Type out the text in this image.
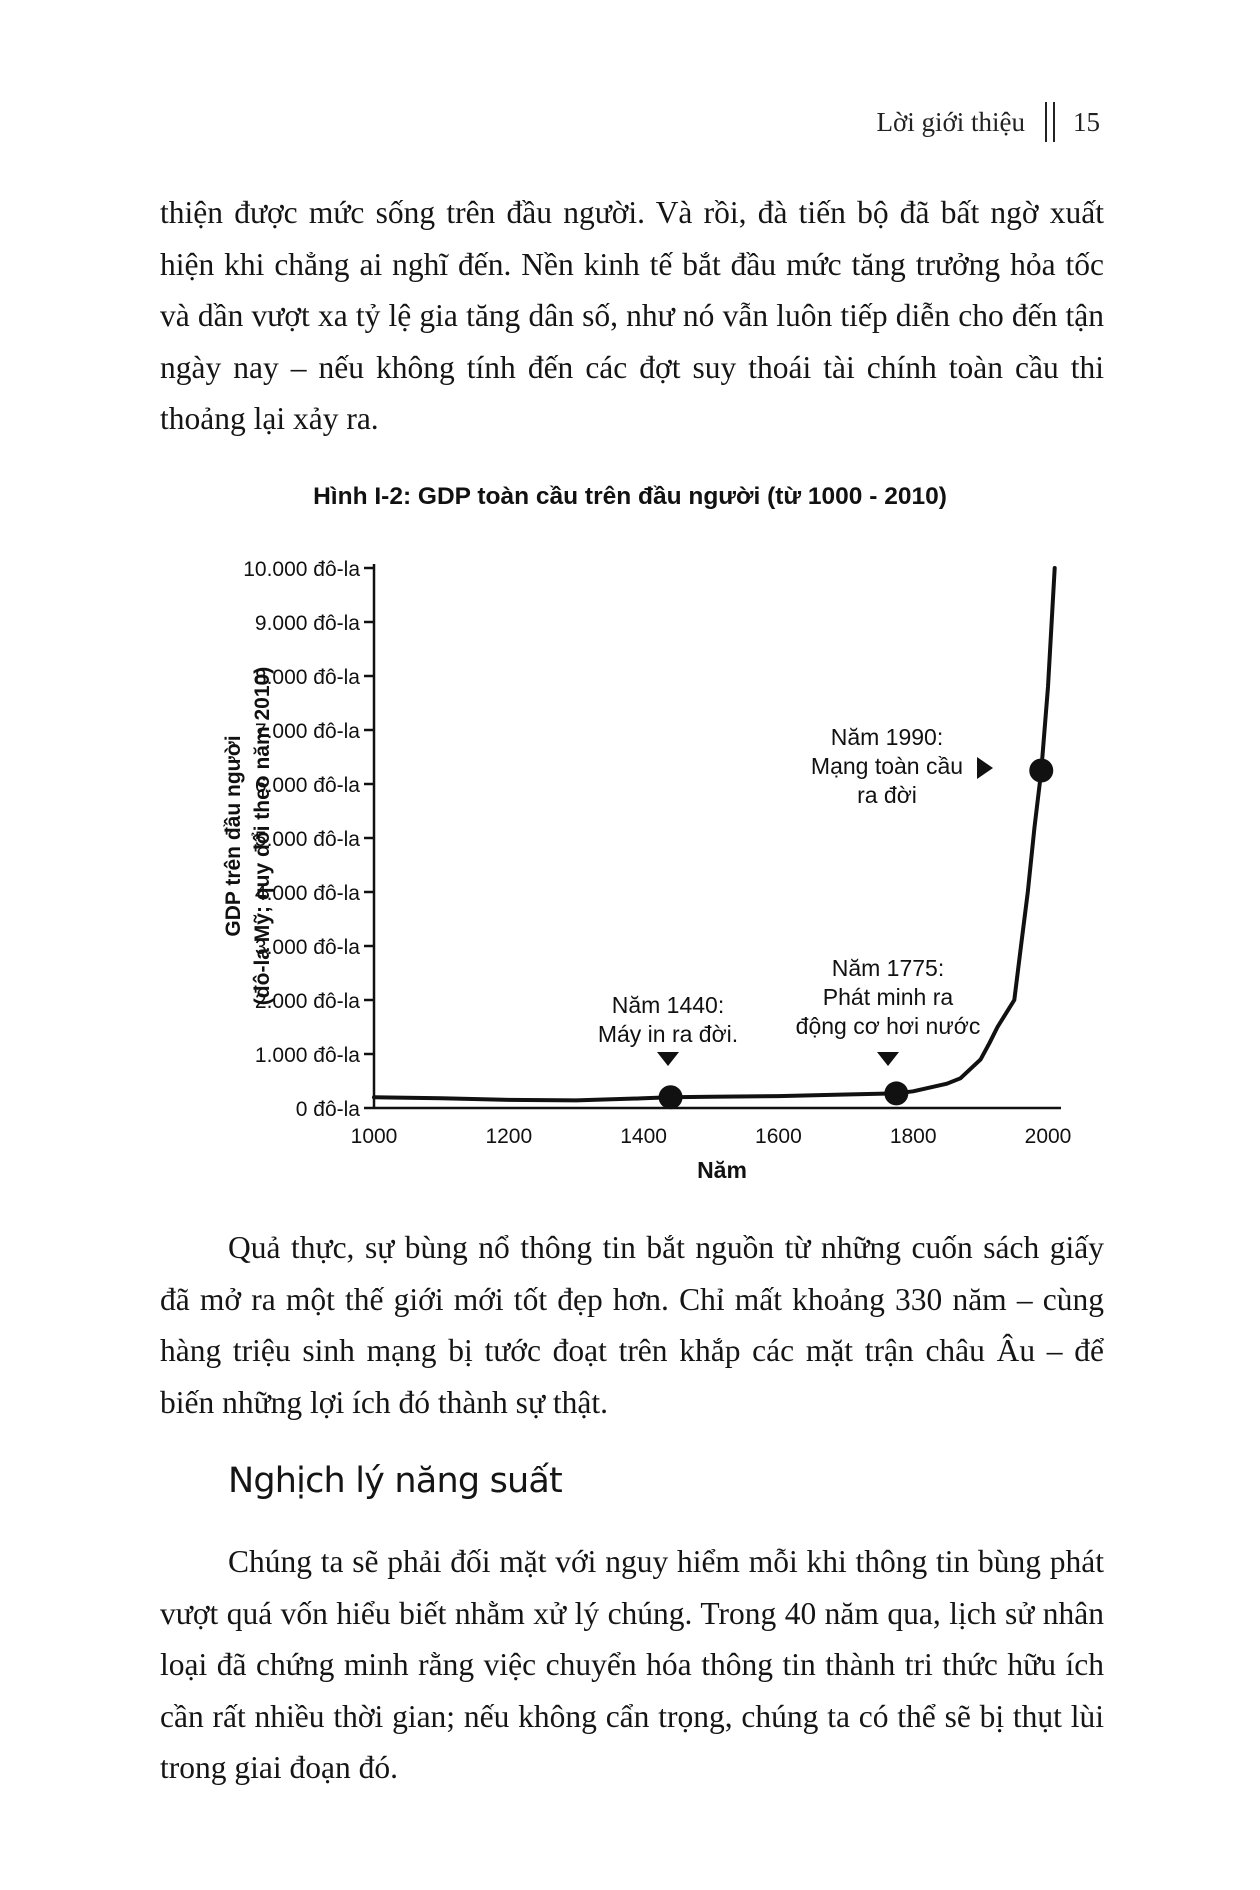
Lời giới thiệu 15

thiện được mức sống trên đầu người. Và rồi, đà tiến bộ đã bất ngờ xuất hiện khi chẳng ai nghĩ đến. Nền kinh tế bắt đầu mức tăng trưởng hỏa tốc và dần vượt xa tỷ lệ gia tăng dân số, như nó vẫn luôn tiếp diễn cho đến tận ngày nay – nếu không tính đến các đợt suy thoái tài chính toàn cầu thi thoảng lại xảy ra.

Hình I-2: GDP toàn cầu trên đầu người (từ 1000 - 2010)
GDP trên đầu người (đô-la Mỹ; quy đổi theo năm 2010)
0 đô-la
1.000 đô-la
2.000 đô-la
3.000 đô-la
4.000 đô-la
5.000 đô-la
6.000 đô-la
7.000 đô-la
8.000 đô-la
9.000 đô-la
10.000 đô-la
1000	1200	1400	1600	1800	2000
Năm
Năm 1440:
Máy in ra đời.
Năm 1775:
Phát minh ra
động cơ hơi nước
Năm 1990:
Mạng toàn cầu
ra đời

Quả thực, sự bùng nổ thông tin bắt nguồn từ những cuốn sách giấy đã mở ra một thế giới mới tốt đẹp hơn. Chỉ mất khoảng 330 năm – cùng hàng triệu sinh mạng bị tước đoạt trên khắp các mặt trận châu Âu – để biến những lợi ích đó thành sự thật.

Nghịch lý năng suất

Chúng ta sẽ phải đối mặt với nguy hiểm mỗi khi thông tin bùng phát vượt quá vốn hiểu biết nhằm xử lý chúng. Trong 40 năm qua, lịch sử nhân loại đã chứng minh rằng việc chuyển hóa thông tin thành tri thức hữu ích cần rất nhiều thời gian; nếu không cẩn trọng, chúng ta có thể sẽ bị thụt lùi trong giai đoạn đó.
